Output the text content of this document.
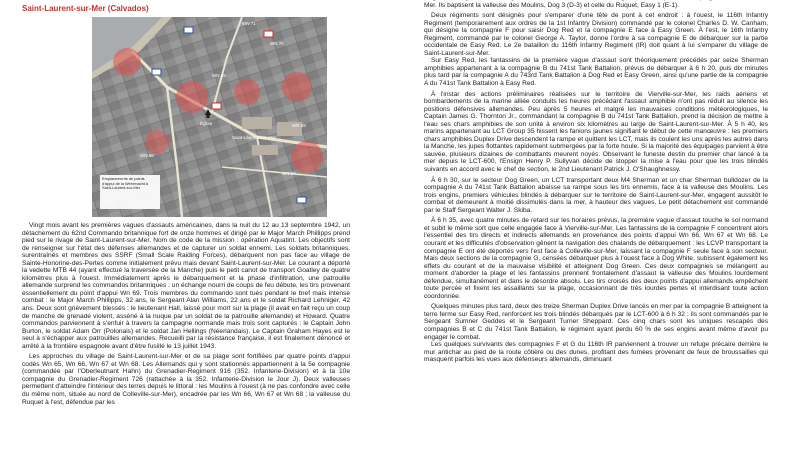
Saint-Laurent-sur-Mer (Calvados)
WN 71
WN 70
WN 69
Église
Saint-Laurent-sur-Mer
WN 68
WN 66
WN 67
Emplacements de points d'appui de la Wehrmacht à Saint-Laurent-sur-Mer

Vingt mois avant les premières vagues d'assauts américaines, dans la nuit du 12 au 13 septembre 1942, un détachement du 62nd Commando britannique fort de onze hommes et dirigé par le Major March Phillipps prend pied sur le rivage de Saint-Laurent-sur-Mer. Nom de code de la mission : opération Aquatint. Les objectifs sont de renseigner sur l'état des défenses allemandes et de capturer un soldat ennemi. Les soldats britanniques, surentraînés et membres des SSRF (Small Scale Raiding Forces), débarquent non pas face au village de Sainte-Honorine-des-Pertes comme initialement prévu mais devant Saint-Laurent-sur-Mer. Le courant a déporté la vedette MTB 44 (ayant effectué la traversée de la Manche) puis le petit canot de transport Goatley de quatre kilomètres plus à l'ouest. Immédiatement après le débarquement et la phase d'infiltration, une patrouille allemande surprend les commandos britanniques : un échange nourri de coups de feu débute, les tirs provenant essentiellement du point d'appui Wn 69. Trois membres du commando sont tués pendant le bref mais intense combat : le Major March Phillipps, 32 ans, le Sergeant Alan Williams, 22 ans et le soldat Richard Lehniger, 42 ans. Deux sont grièvement blessés : le lieutenant Hall, laissé pour mort sur la plage (il avait en fait reçu un coup de manche de grenade violent, asséné à la nuque par un soldat de la patrouille allemande) et Howard. Quatre commandos parviennent à s'enfuir à travers la campagne normande mais trois sont capturés : le Captain John Burton, le soldat Adam Orr (Polonais) et le soldat Jan Hellings (Néerlandais). Le Captain Graham Hayes est le seul à s'échapper aux patrouilles allemandes. Recueilli par la résistance française, il est finalement dénoncé et arrêté à la frontière espagnole avant d'être fusillé le 13 juillet 1943.

Les approches du village de Saint-Laurent-sur-Mer et de sa plage sont fortifiées par quatre points d'appui codés Wn 65, Wn 66, Wn 67 et Wn 68. Les Allemands qui y sont stationnés appartiennent à la 5e compagnie (commandée par l'Oberleutnant Hahn) du Grenadier-Regiment 916 (352. Infanterie-Division) et à la 10e compagnie du Grenadier-Regiment 726 (rattachée à la 352. Infanterie-Division le Jour J). Deux valleuses permettent d'atteindre l'intérieur des terres depuis le littoral : les Moulins à l'ouest (à ne pas confondre avec celle du même nom, située au nord de Colleville-sur-Mer), encadrée par les Wn 66, Wn 67 et Wn 68 ; la valleuse du Ruquet à l'est, défendue par les

Mer. Ils baptisent la valleuse des Moulins, Dog 3 (D-3) et celle du Ruquet, Easy 1 (E-1).

Deux régiments sont désignés pour s'emparer d'une tête de pont à cet endroit : à l'ouest, le 116th Infantry Regiment (temporairement aux ordres de la 1st Infantry Division) commandé par le colonel Charles D. W. Canham, qui désigne la compagnie F pour saisir Dog Red et la compagnie E face à Easy Green. À l'est, le 16th Infantry Regiment, commandé par le colonel George A. Taylor, donne l'ordre à sa compagnie E de débarquer sur la partie occidentale de Easy Red. Le 2e bataillon du 116th Infantry Regiment (IR) doit quant à lui s'emparer du village de Saint-Laurent-sur-Mer.

Sur Easy Red, les fantassins de la première vague d'assaut sont théoriquement précédés par seize Sherman amphibies appartenant à la compagnie B du 741st Tank Battalion, prévus de débarquer à 6 h 20, puis dix minutes plus tard par la compagnie A du 743rd Tank Battalion à Dog Red et Easy Green, ainsi qu'une partie de la compagnie A du 741st Tank Battalion à Easy Red.

À l'instar des actions préliminaires réalisées sur le territoire de Vierville-sur-Mer, les raids aériens et bombardements de la marine alliée conduits les heures précédant l'assaut amphibie n'ont pas réduit au silence les positions défensives allemandes. Peu après 5 heures et malgré les mauvaises conditions météorologiques, le Captain James G. Thornton Jr., commandant la compagnie B du 741st Tank Battalion, prend la décision de mettre à l'eau ses chars amphibies de son unité à environ six kilomètres au large de Saint-Laurent-sur-Mer. À 5 h 40, les marins appartenant au LCT Group 35 hissent les fanions jaunes signifiant le début de cette manœuvre : les premiers chars amphibies Duplex Drive descendent la rampe et quittent les LCT, mais ils coulent les uns après les autres dans la Manche, les jupes flottantes rapidement submergées par la forte houle. Si la majorité des équipages parvient à être sauvée, plusieurs dizaines de combattants meurent noyés. Observant le funeste destin du premier char lancé à la mer depuis le LCT-600, l'Ensign Henry P. Sullyvan décide de stopper la mise à l'eau pour que les trois blindés suivants en accord avec le chef de section, le 2nd Lieutenant Patrick J. O'Shaughnessy.

À 6 h 30, sur le secteur Dog Green, un LCT transportant deux M4 Sherman et un char Sherman bulldozer de la compagnie A du 741st Tank Battalion abaisse sa rampe sous les tirs ennemis, face à la valleuse des Moulins. Les trois engins, premiers véhicules blindés à débarquer sur le territoire de Saint-Laurent-sur-Mer, engagent aussitôt le combat et demeurent à moitié dissimulés dans la mer, à hauteur des vagues. Le petit détachement est commandé par le Staff Sergeant Walter J. Skiba.

À 6 h 35, avec quatre minutes de retard sur les horaires prévus, la première vague d'assaut touche le sol normand et subit le même sort que celle engagée face à Vierville-sur-Mer. Les fantassins de la compagnie F concentrent alors l'essentiel des tirs directs et indirects allemands en provenance des points d'appui Wn 66, Wn 67 et Wn 68. Le courant et les difficultés d'observation gênent la navigation des chalands de débarquement : les LCVP transportant la compagnie E ont été déportés vers l'est face à Colleville-sur-Mer, laissant la compagnie F seule face à son secteur. Mais deux sections de la compagnie G, censées débarquer plus à l'ouest face à Dog White, subissent également les effets du courant et de la mauvaise visibilité et atteignent Dog Green. Ces deux compagnies se mélangent au moment d'aborder la plage et les fantassins prennent frontalement d'assaut la valleuse des Moulins lourdement défendue, simultanément et dans le désordre absolu. Les tirs croisés des deux points d'appui allemands empêchent toute percée et fixent les assaillants sur la plage, occasionnant de très lourdes pertes et interdisant toute action coordonnée.

Quelques minutes plus tard, deux des treize Sherman Duplex Drive lancés en mer par la compagnie B atteignent la terre ferme sur Easy Red, renforcent les trois blindés débarqués par le LCT-600 à 6 h 32 : ils sont commandés par le Sergeant Sumner Geddes et le Sergeant Turner Sheppard. Ces cinq chars sont les uniques rescapés des compagnies B et C du 741st Tank Battalion, le régiment ayant perdu 60 % de ses engins avant même d'avoir pu engager le combat.

Les quelques survivants des compagnies F et G du 116th IR parviennent à trouver un refuge précaire derrière le mur antichar au pied de la route côtière ou des dunes, profitant des fumées provenant de feux de broussailles qui masquent parfois les vues aux défenseurs allemands, diminuant
